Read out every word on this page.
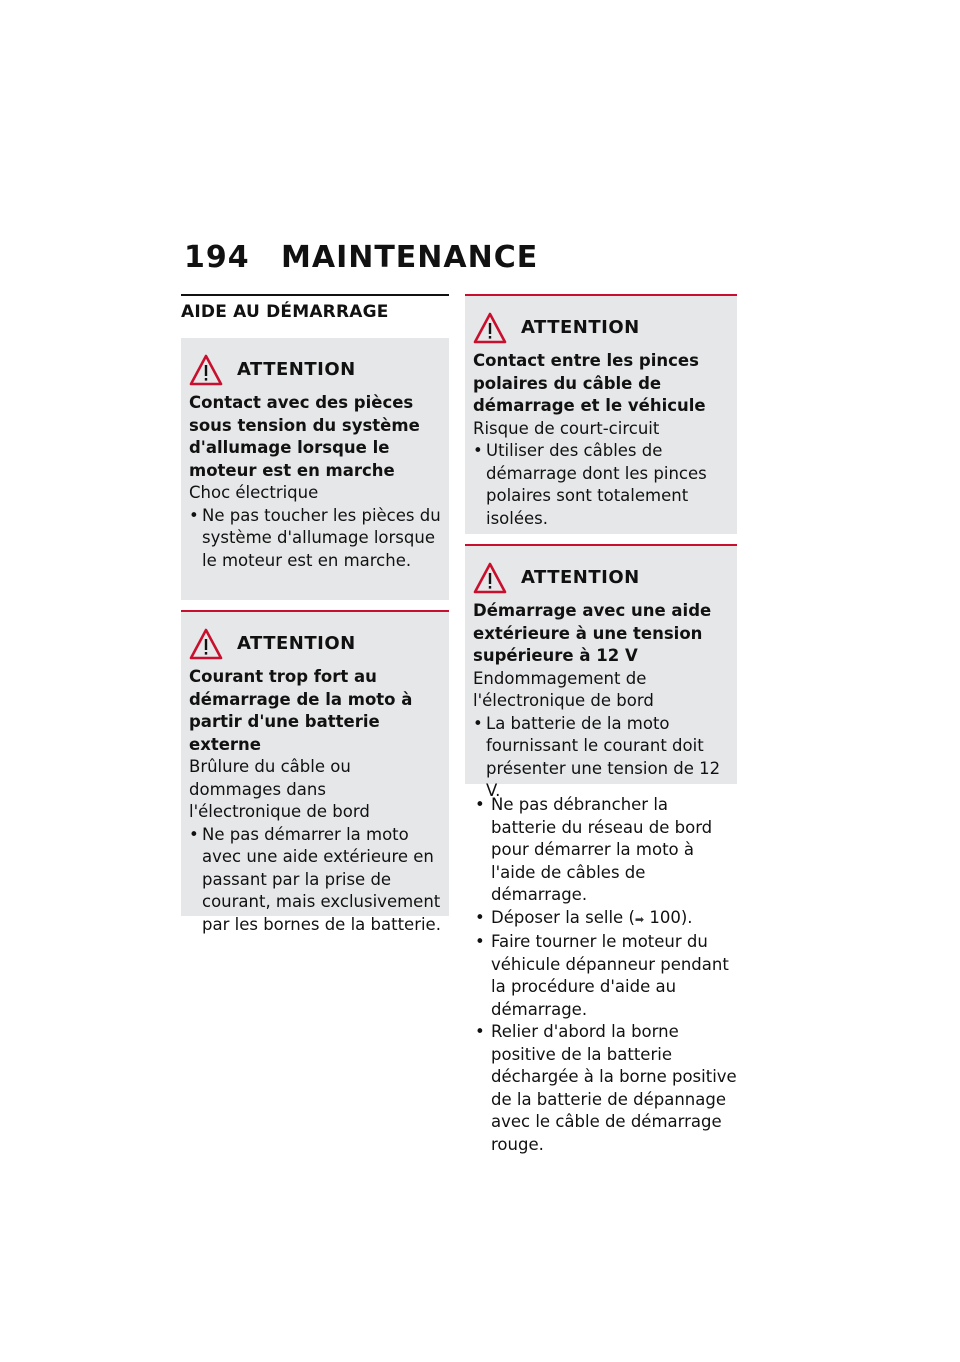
194 MAINTENANCE
AIDE AU DÉMARRAGE
ATTENTION
Contact avec des pièces sous tension du système d'allumage lorsque le moteur est en marche
Choc électrique
• Ne pas toucher les pièces du système d'allumage lorsque le moteur est en marche.
ATTENTION
Courant trop fort au démarrage de la moto à partir d'une batterie externe
Brûlure du câble ou dommages dans l'électronique de bord
• Ne pas démarrer la moto avec une aide extérieure en passant par la prise de courant, mais exclusivement par les bornes de la batterie.
ATTENTION
Contact entre les pinces polaires du câble de démarrage et le véhicule
Risque de court-circuit
• Utiliser des câbles de démarrage dont les pinces polaires sont totalement isolées.
ATTENTION
Démarrage avec une aide extérieure à une tension supérieure à 12 V
Endommagement de l'électronique de bord
• La batterie de la moto fournissant le courant doit présenter une tension de 12 V.
• Ne pas débrancher la batterie du réseau de bord pour démarrer la moto à l'aide de câbles de démarrage.
• Déposer la selle (➡ 100).
• Faire tourner le moteur du véhicule dépanneur pendant la procédure d'aide au démarrage.
• Relier d'abord la borne positive de la batterie déchargée à la borne positive de la batterie de dépannage avec le câble de démarrage rouge.
